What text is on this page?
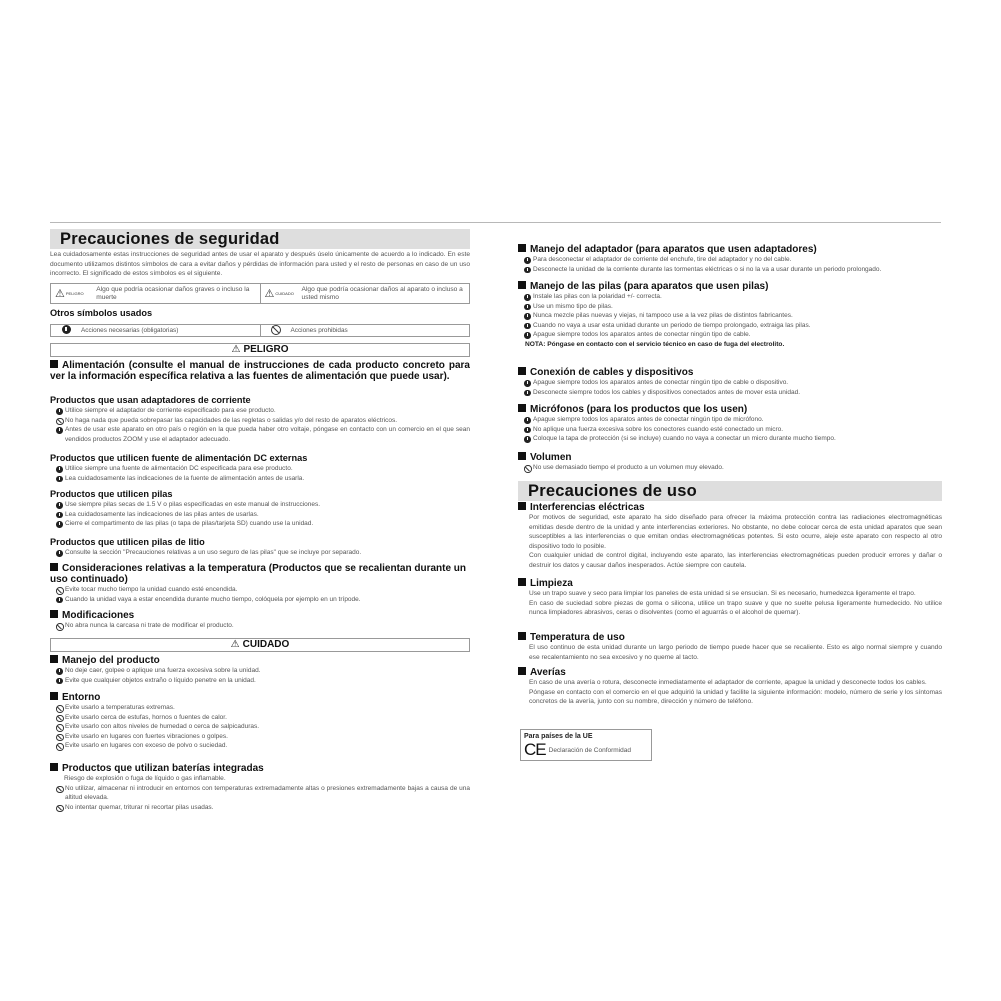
Precauciones de seguridad
Lea cuidadosamente estas instrucciones de seguridad antes de usar el aparato y después úselo únicamente de acuerdo a lo indicado. En este documento utilizamos distintos símbolos de cara a evitar daños y pérdidas de información para usted y el resto de personas en caso de un uso incorrecto. El significado de estos símbolos es el siguiente.
⚠ PELIGRO
Algo que podría ocasionar daños graves o incluso la muerte	⚠ CUIDADO
Algo que podría ocasionar daños al aparato o incluso a usted mismo
Otros símbolos usados
Acciones necesarias (obligatorias)	Acciones prohibidas
⚠ PELIGRO
Alimentación (consulte el manual de instrucciones de cada producto concreto para ver la información específica relativa a las fuentes de alimentación que puede usar).
Productos que usan adaptadores de corriente
Utilice siempre el adaptador de corriente especificado para ese producto.
No haga nada que pueda sobrepasar las capacidades de las regletas o salidas y/o del resto de aparatos eléctricos.
Antes de usar este aparato en otro país o región en la que pueda haber otro voltaje, póngase en contacto con un comercio en el que sean vendidos productos ZOOM y use el adaptador adecuado.
Productos que utilicen fuente de alimentación DC externas
Utilice siempre una fuente de alimentación DC especificada para ese producto.
Lea cuidadosamente las indicaciones de la fuente de alimentación antes de usarla.
Productos que utilicen pilas
Use siempre pilas secas de 1.5 V o pilas especificadas en este manual de instrucciones.
Lea cuidadosamente las indicaciones de las pilas antes de usarlas.
Cierre el compartimento de las pilas (o tapa de pilas/tarjeta SD) cuando use la unidad.
Productos que utilicen pilas de litio
Consulte la sección "Precauciones relativas a un uso seguro de las pilas" que se incluye por separado.
Consideraciones relativas a la temperatura (Productos que se recalientan durante un uso continuado)
Evite tocar mucho tiempo la unidad cuando esté encendida.
Cuando la unidad vaya a estar encendida durante mucho tiempo, colóquela por ejemplo en un trípode.
Modificaciones
No abra nunca la carcasa ni trate de modificar el producto.
⚠ CUIDADO
Manejo del producto
No deje caer, golpee o aplique una fuerza excesiva sobre la unidad.
Evite que cualquier objetos extraño o líquido penetre en la unidad.
Entorno
Evite usarlo a temperaturas extremas.
Evite usarlo cerca de estufas, hornos o fuentes de calor.
Evite usarlo con altos niveles de humedad o cerca de salpicaduras.
Evite usarlo en lugares con fuertes vibraciones o golpes.
Evite usarlo en lugares con exceso de polvo o suciedad.
Productos que utilizan baterías integradas
Riesgo de explosión o fuga de líquido o gas inflamable.
No utilizar, almacenar ni introducir en entornos con temperaturas extremadamente altas o presiones extremadamente bajas a causa de una altitud elevada.
No intentar quemar, triturar ni recortar pilas usadas.
Manejo del adaptador (para aparatos que usen adaptadores)
Para desconectar el adaptador de corriente del enchufe, tire del adaptador y no del cable.
Desconecte la unidad de la corriente durante las tormentas eléctricas o si no la va a usar durante un periodo prolongado.
Manejo de las pilas (para aparatos que usen pilas)
Instale las pilas con la polaridad +/- correcta.
Use un mismo tipo de pilas.
Nunca mezcle pilas nuevas y viejas, ni tampoco use a la vez pilas de distintos fabricantes.
Cuando no vaya a usar esta unidad durante un periodo de tiempo prolongado, extraiga las pilas.
Apague siempre todos los aparatos antes de conectar ningún tipo de cable.
NOTA: Póngase en contacto con el servicio técnico en caso de fuga del electrolito.
Conexión de cables y dispositivos
Apague siempre todos los aparatos antes de conectar ningún tipo de cable o dispositivo.
Desconecte siempre todos los cables y dispositivos conectados antes de mover esta unidad.
Micrófonos (para los productos que los usen)
Apague siempre todos los aparatos antes de conectar ningún tipo de micrófono.
No aplique una fuerza excesiva sobre los conectores cuando esté conectado un micro.
Coloque la tapa de protección (si se incluye) cuando no vaya a conectar un micro durante mucho tiempo.
Volumen
No use demasiado tiempo el producto a un volumen muy elevado.
Precauciones de uso
Interferencias eléctricas
Por motivos de seguridad, este aparato ha sido diseñado para ofrecer la máxima protección contra las radiaciones electromagnéticas emitidas desde dentro de la unidad y ante interferencias exteriores. No obstante, no debe colocar cerca de esta unidad aparatos que sean susceptibles a las interferencias o que emitan ondas electromagnéticas potentes. Si esto ocurre, aleje este aparato con respecto al otro dispositivo todo lo posible.
Con cualquier unidad de control digital, incluyendo este aparato, las interferencias electromagnéticas pueden producir errores y dañar o destruir los datos y causar daños inesperados. Actúe siempre con cautela.
Limpieza
Use un trapo suave y seco para limpiar los paneles de esta unidad si se ensucian. Si es necesario, humedezca ligeramente el trapo.
En caso de suciedad sobre piezas de goma o silicona, utilice un trapo suave y que no suelte pelusa ligeramente humedecido. No utilice nunca limpiadores abrasivos, ceras o disolventes (como el aguarrás o el alcohol de quemar).
Temperatura de uso
El uso continuo de esta unidad durante un largo periodo de tiempo puede hacer que se recaliente. Esto es algo normal siempre y cuando ese recalentamiento no sea excesivo y no queme al tacto.
Averías
En caso de una avería o rotura, desconecte inmediatamente el adaptador de corriente, apague la unidad y desconecte todos los cables.
Póngase en contacto con el comercio en el que adquirió la unidad y facilite la siguiente información: modelo, número de serie y los síntomas concretos de la avería, junto con su nombre, dirección y número de teléfono.
Para países de la UE
CE Declaración de Conformidad
